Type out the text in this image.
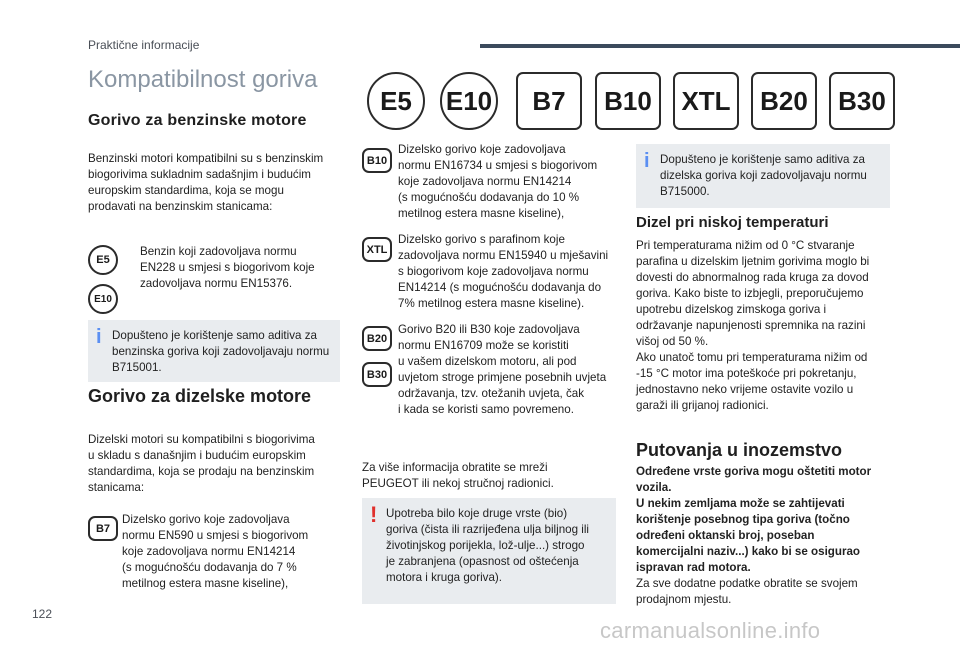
Praktične informacije
Kompatibilnost goriva
E5	E10	B7	B10	XTL	B20	B30
Gorivo za benzinske motore

Benzinski motori kompatibilni su s benzinskim

biogorivima sukladnim sadašnjim i budućim

europskim standardima, koja se mogu

prodavati na benzinskim stanicama:

E5
E10

Benzin koji zadovoljava normu

EN228 u smjesi s biogorivom koje

zadovoljava normu EN15376.

i Dopušteno je korištenje samo aditiva za

benzinska goriva koji zadovoljavaju normu

B715001.

Gorivo za dizelske motore

Dizelski motori su kompatibilni s biogorivima

u skladu s današnjim i budućim europskim

standardima, koja se prodaju na benzinskim

stanicama:

B7

Dizelsko gorivo koje zadovoljava

normu EN590 u smjesi s biogorivom

koje zadovoljava normu EN14214

(s mogućnošću dodavanja do 7 %

metilnog estera masne kiseline),

B10

Dizelsko gorivo koje zadovoljava

normu EN16734 u smjesi s biogorivom

koje zadovoljava normu EN14214

(s mogućnošću dodavanja do 10 %

metilnog estera masne kiseline),

XTL

Dizelsko gorivo s parafinom koje

zadovoljava normu EN15940 u mješavini

s biogorivom koje zadovoljava normu

EN14214 (s mogućnošću dodavanja do

7% metilnog estera masne kiseline).

B20
B30

Gorivo B20 ili B30 koje zadovoljava

normu EN16709 može se koristiti

u vašem dizelskom motoru, ali pod

uvjetom stroge primjene posebnih uvjeta

održavanja, tzv. otežanih uvjeta, čak

i kada se koristi samo povremeno.

Za više informacija obratite se mreži

PEUGEOT ili nekoj stručnoj radionici.

! Upotreba bilo koje druge vrste (bio)

goriva (čista ili razrijeđena ulja biljnog ili

životinjskog porijekla, lož-ulje...) strogo

je zabranjena (opasnost od oštećenja

motora i kruga goriva).

i Dopušteno je korištenje samo aditiva za

dizelska goriva koji zadovoljavaju normu

B715000.

Dizel pri niskoj temperaturi

Pri temperaturama nižim od 0 °C stvaranje

parafina u dizelskim ljetnim gorivima moglo bi

dovesti do abnormalnog rada kruga za dovod

goriva. Kako biste to izbjegli, preporučujemo

upotrebu dizelskog zimskoga goriva i

održavanje napunjenosti spremnika na razini

višoj od 50 %.

Ako unatoč tomu pri temperaturama nižim od

-15 °C motor ima poteškoće pri pokretanju,

jednostavno neko vrijeme ostavite vozilo u

garaži ili grijanoj radionici.

Putovanja u inozemstvo

Određene vrste goriva mogu oštetiti motor

vozila.

U nekim zemljama može se zahtijevati

korištenje posebnog tipa goriva (točno

određeni oktanski broj, poseban

komercijalni naziv...) kako bi se osigurao

ispravan rad motora.

Za sve dodatne podatke obratite se svojem

prodajnom mjestu.

122
carmanualsonline.info
